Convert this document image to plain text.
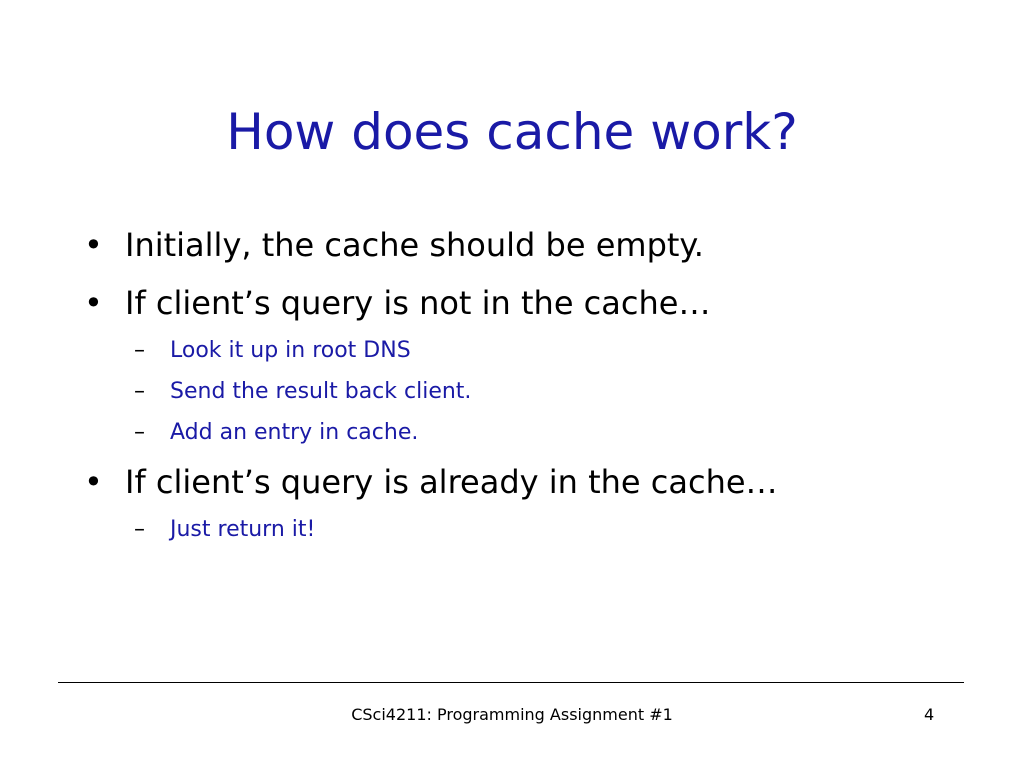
How does cache work?
• Initially, the cache should be empty.
• If client’s query is not in the cache…
– Look it up in root DNS
– Send the result back client.
– Add an entry in cache.
• If client’s query is already in the cache…
– Just return it!
CSci4211: Programming Assignment #1	4
